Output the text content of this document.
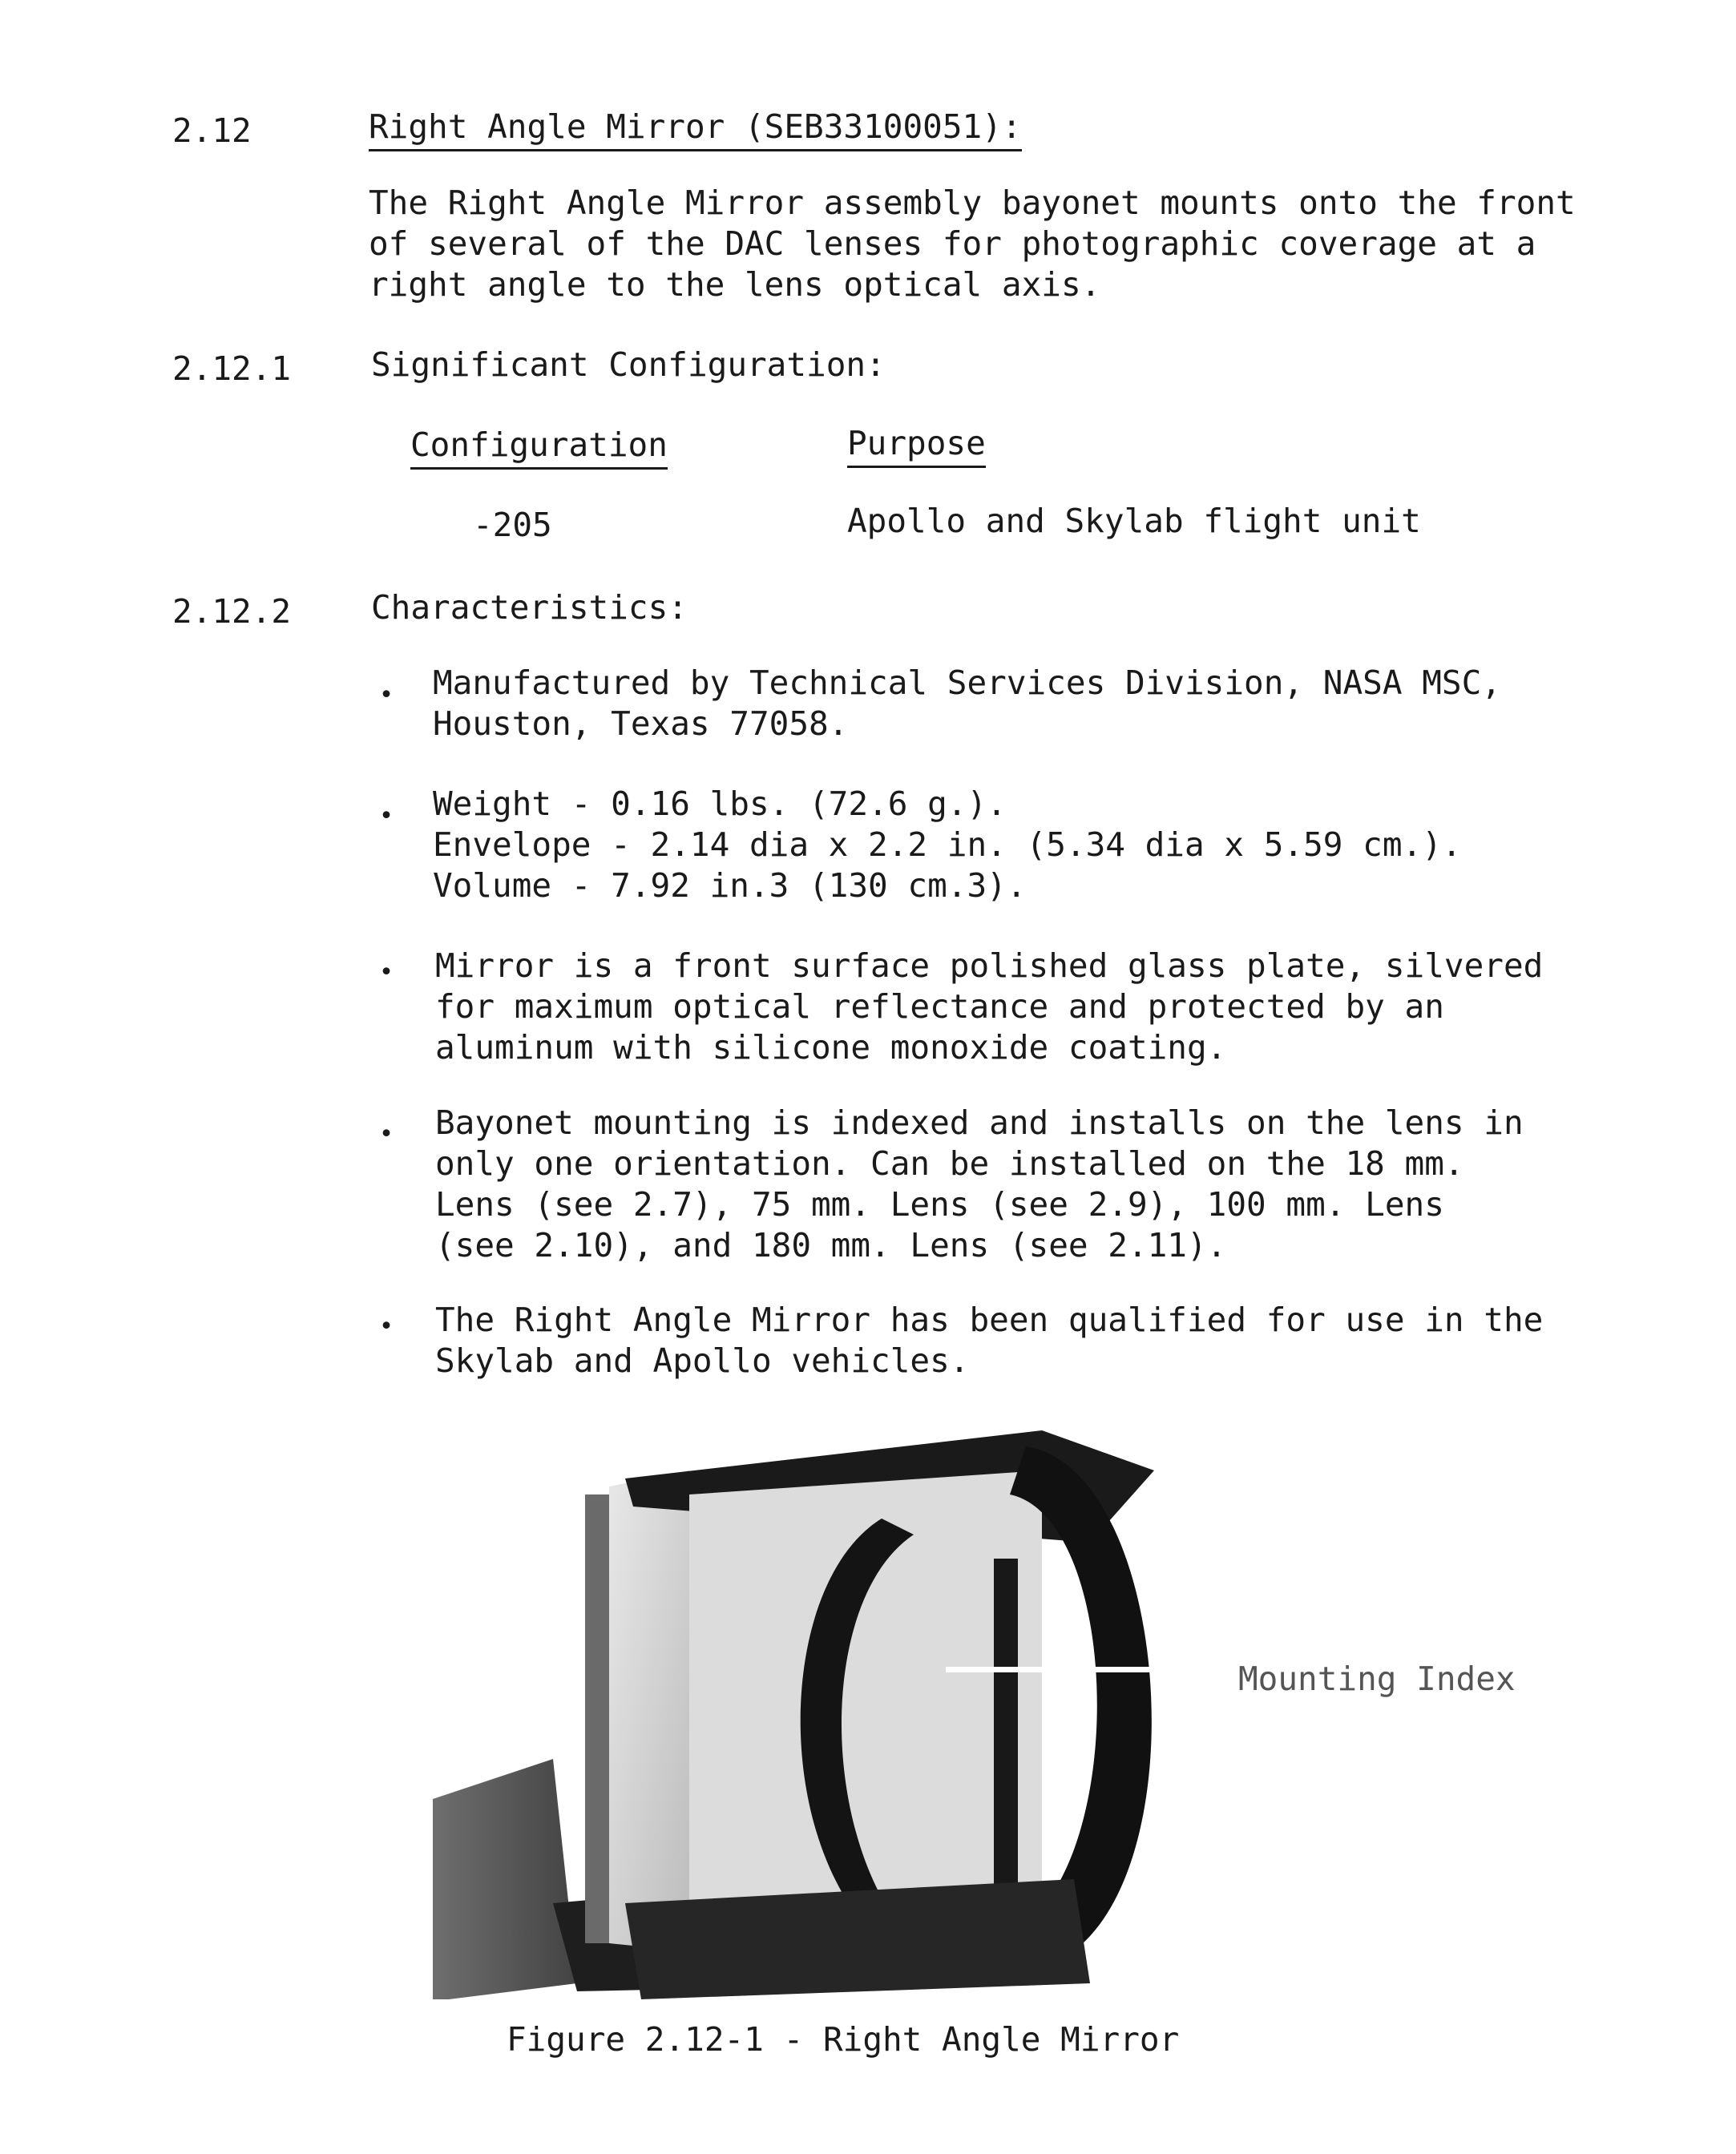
2.12	Right Angle Mirror (SEB33100051):
The Right Angle Mirror assembly bayonet mounts onto the front
of several of the DAC lenses for photographic coverage at a
right angle to the lens optical axis.
2.12.1 Significant Configuration:
Configuration	Purpose
-205	Apollo and Skylab flight unit
2.12.2 Characteristics:
• Manufactured by Technical Services Division, NASA MSC,
Houston, Texas 77058.
• Weight - 0.16 lbs. (72.6 g.).
Envelope - 2.14 dia x 2.2 in. (5.34 dia x 5.59 cm.).
Volume - 7.92 in.3 (130 cm.3).
• Mirror is a front surface polished glass plate, silvered
for maximum optical reflectance and protected by an
aluminum with silicone monoxide coating.
• Bayonet mounting is indexed and installs on the lens in
only one orientation. Can be installed on the 18 mm.
Lens (see 2.7), 75 mm. Lens (see 2.9), 100 mm. Lens
(see 2.10), and 180 mm. Lens (see 2.11).
• The Right Angle Mirror has been qualified for use in the
Skylab and Apollo vehicles.
Mounting Index
Figure 2.12-1 - Right Angle Mirror
